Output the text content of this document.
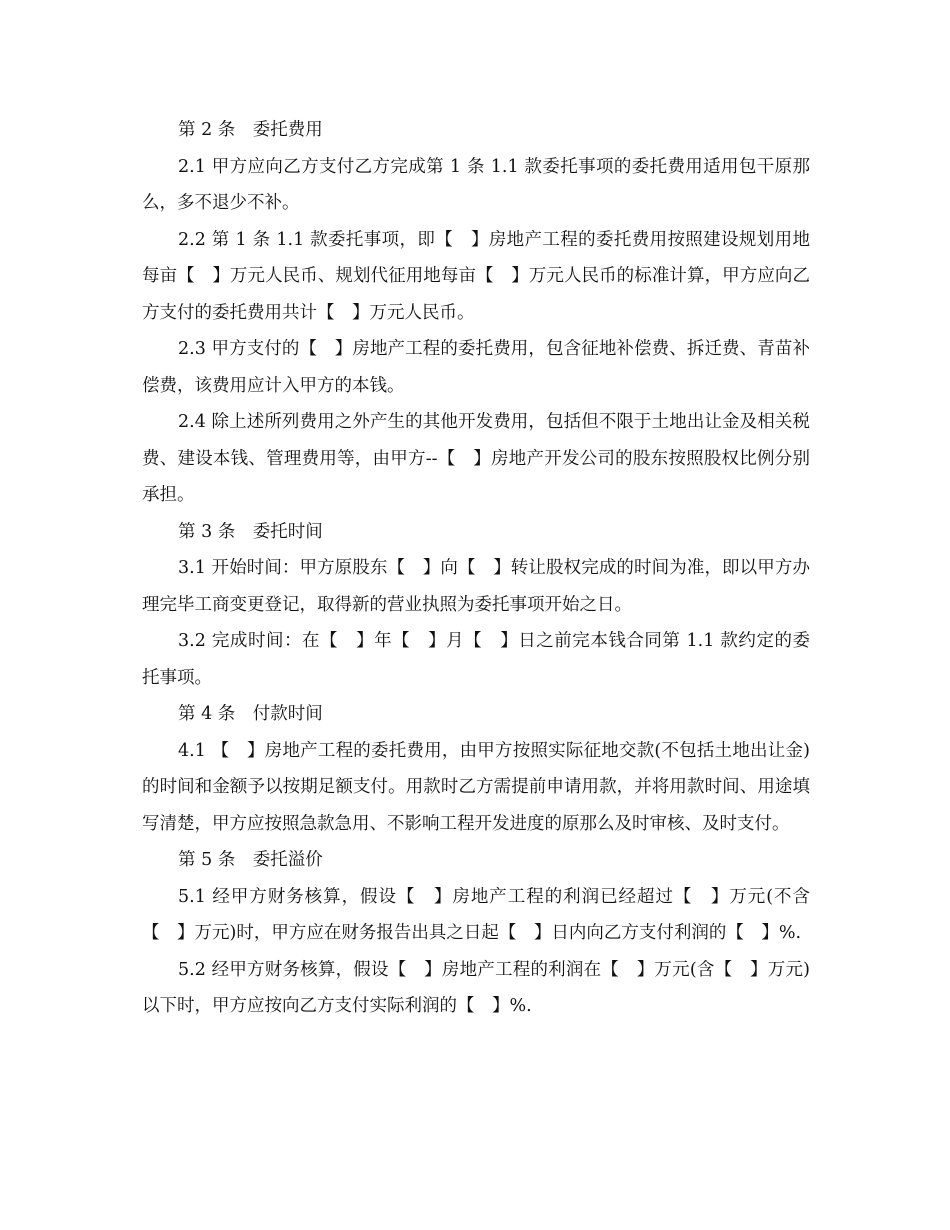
第 2 条　委托费用

2.1 甲方应向乙方支付乙方完成第 1 条 1.1 款委托事项的委托费用适用包干原那么，多不退少不补。

2.2 第 1 条 1.1 款委托事项，即【　】房地产工程的委托费用按照建设规划用地每亩【　】万元人民币、规划代征用地每亩【　】万元人民币的标准计算，甲方应向乙方支付的委托费用共计【　】万元人民币。

2.3 甲方支付的【　】房地产工程的委托费用，包含征地补偿费、拆迁费、青苗补偿费，该费用应计入甲方的本钱。

2.4 除上述所列费用之外产生的其他开发费用，包括但不限于土地出让金及相关税费、建设本钱、管理费用等，由甲方--【　】房地产开发公司的股东按照股权比例分别承担。

第 3 条　委托时间

3.1 开始时间：甲方原股东【　】向【　】转让股权完成的时间为准，即以甲方办理完毕工商变更登记，取得新的营业执照为委托事项开始之日。

3.2 完成时间：在【　】年【　】月【　】日之前完本钱合同第 1.1 款约定的委托事项。

第 4 条　付款时间

4.1 【　】房地产工程的委托费用，由甲方按照实际征地交款(不包括土地出让金)的时间和金额予以按期足额支付。用款时乙方需提前申请用款，并将用款时间、用途填写清楚，甲方应按照急款急用、不影响工程开发进度的原那么及时审核、及时支付。

第 5 条　委托溢价

5.1 经甲方财务核算，假设【　】房地产工程的利润已经超过【　】万元(不含【　】万元)时，甲方应在财务报告出具之日起【　】日内向乙方支付利润的【　】%.

5.2 经甲方财务核算，假设【　】房地产工程的利润在【　】万元(含【　】万元)以下时，甲方应按向乙方支付实际利润的【　】%.
